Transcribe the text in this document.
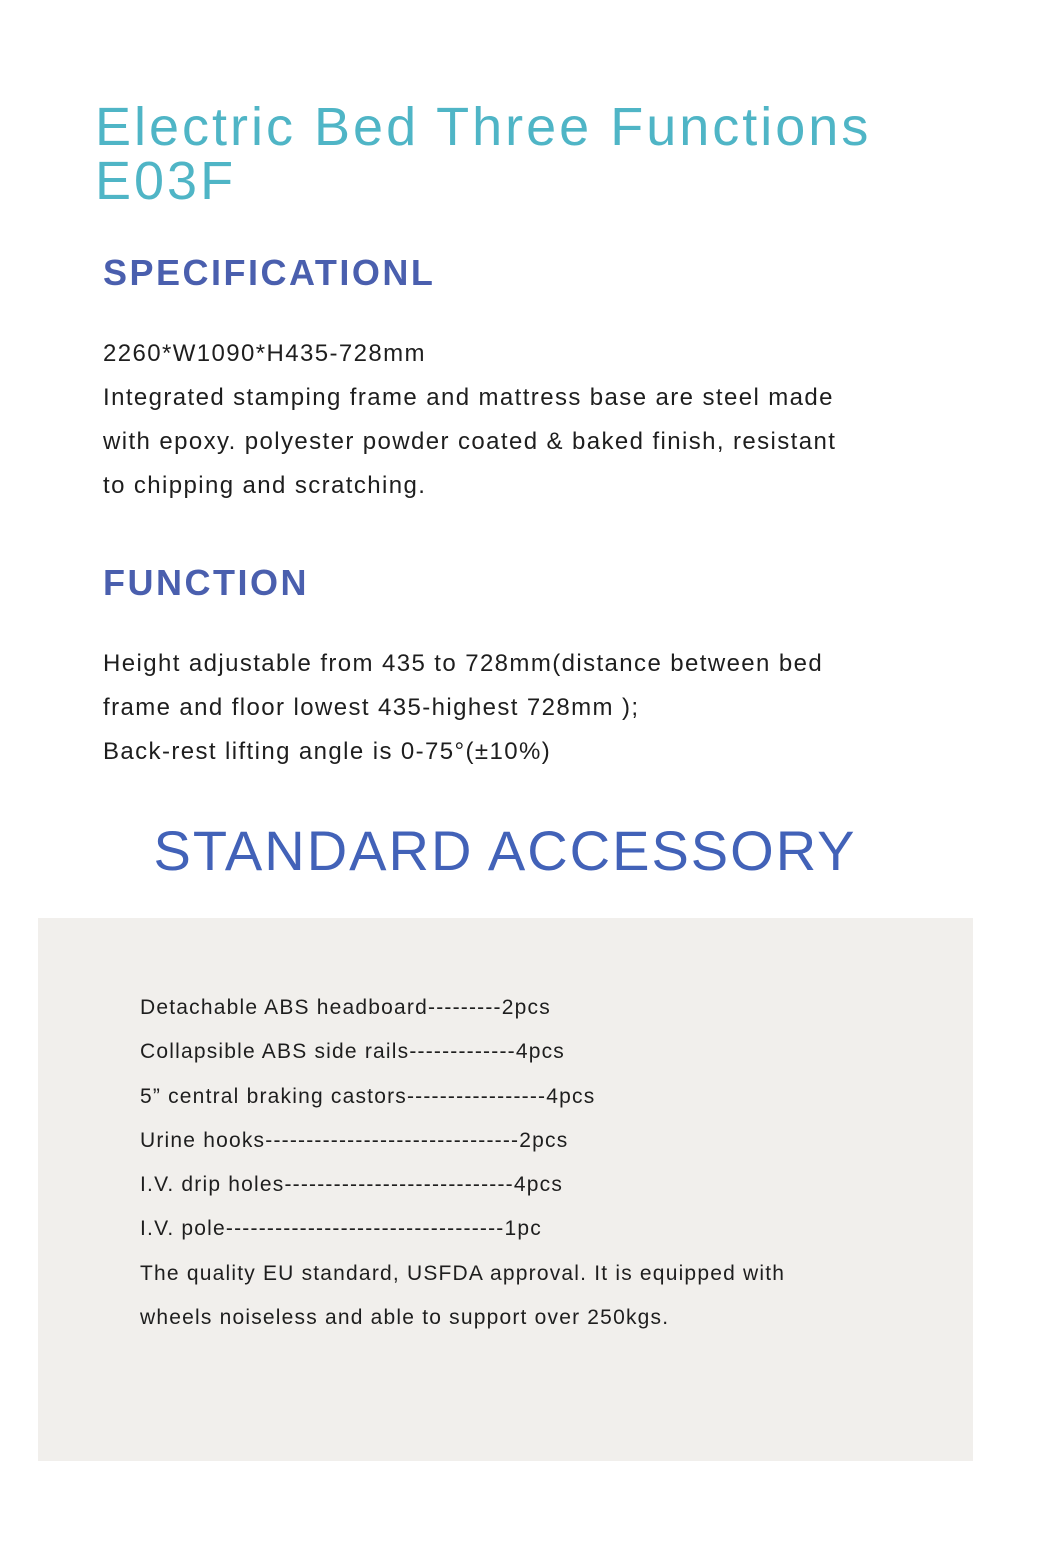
Electric Bed Three Functions
E03F
SPECIFICATIONL

2260*W1090*H435-728mm
Integrated stamping frame and mattress base are steel made
with epoxy. polyester powder coated & baked finish, resistant
to chipping and scratching.

FUNCTION

Height adjustable from 435 to 728mm(distance between bed
frame and floor lowest 435-highest 728mm );
Back-rest lifting angle is 0-75°(±10%)

STANDARD ACCESSORY
Detachable ABS headboard---------2pcs
Collapsible ABS side rails-------------4pcs
5” central braking castors-----------------4pcs
Urine hooks-------------------------------2pcs
I.V. drip holes----------------------------4pcs
I.V. pole----------------------------------1pc
The quality EU standard, USFDA approval. It is equipped with
wheels noiseless and able to support over 250kgs.
